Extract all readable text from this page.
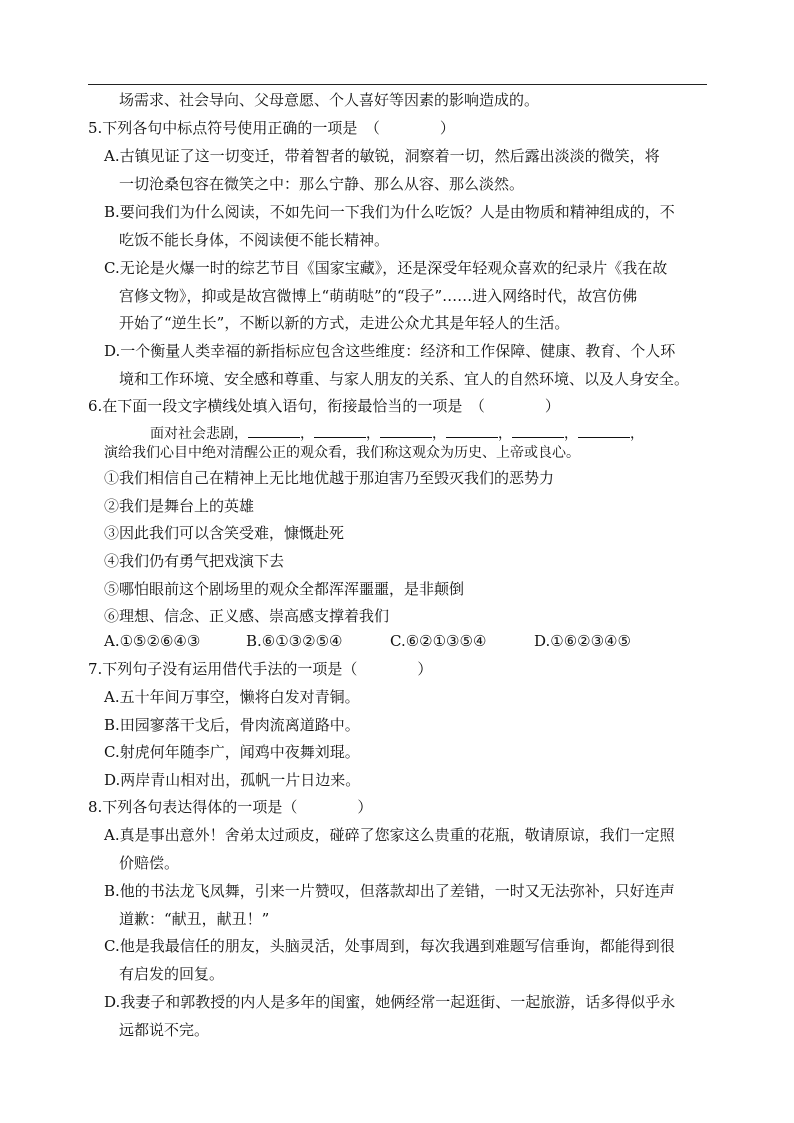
场需求、社会导向、父母意愿、个人喜好等因素的影响造成的。
5.下列各句中标点符号使用正确的一项是　（　　　　）
A.古镇见证了这一切变迁，带着智者的敏锐，洞察着一切，然后露出淡淡的微笑，将
一切沧桑包容在微笑之中：那么宁静、那么从容、那么淡然。
B.要问我们为什么阅读，不如先问一下我们为什么吃饭？人是由物质和精神组成的，不
吃饭不能长身体，不阅读便不能长精神。
C.无论是火爆一时的综艺节目《国家宝藏》，还是深受年轻观众喜欢的纪录片《我在故
宫修文物》，抑或是故宫微博上“萌萌哒”的“段子”……进入网络时代，故宫仿佛
开始了“逆生长”，不断以新的方式，走进公众尤其是年轻人的生活。
D.一个衡量人类幸福的新指标应包含这些维度：经济和工作保障、健康、教育、个人环
境和工作环境、安全感和尊重、与家人朋友的关系、宜人的自然环境、以及人身安全。
6.在下面一段文字横线处填入语句，衔接最恰当的一项是　（　　　　）
面对社会悲剧，	，	，	，	，	，	，
演给我们心目中绝对清醒公正的观众看，我们称这观众为历史、上帝或良心。
①我们相信自己在精神上无比地优越于那迫害乃至毁灭我们的恶势力
②我们是舞台上的英雄
③因此我们可以含笑受难，慷慨赴死
④我们仍有勇气把戏演下去
⑤哪怕眼前这个剧场里的观众全都浑浑噩噩，是非颠倒
⑥理想、信念、正义感、崇高感支撑着我们
A.①⑤②⑥④③	B.⑥①③②⑤④	C.⑥②①③⑤④	D.①⑥②③④⑤
7.下列句子没有运用借代手法的一项是（　　　　）
A.五十年间万事空，懒将白发对青铜。
B.田园寥落干戈后，骨肉流离道路中。
C.射虎何年随李广，闻鸡中夜舞刘琨。
D.两岸青山相对出，孤帆一片日边来。
8.下列各句表达得体的一项是（　　　　）
A.真是事出意外！舍弟太过顽皮，碰碎了您家这么贵重的花瓶，敬请原谅，我们一定照
价赔偿。
B.他的书法龙飞凤舞，引来一片赞叹，但落款却出了差错，一时又无法弥补，只好连声
道歉：“献丑，献丑！”
C.他是我最信任的朋友，头脑灵活，处事周到，每次我遇到难题写信垂询，都能得到很
有启发的回复。
D.我妻子和郭教授的内人是多年的闺蜜，她俩经常一起逛街、一起旅游，话多得似乎永
远都说不完。
